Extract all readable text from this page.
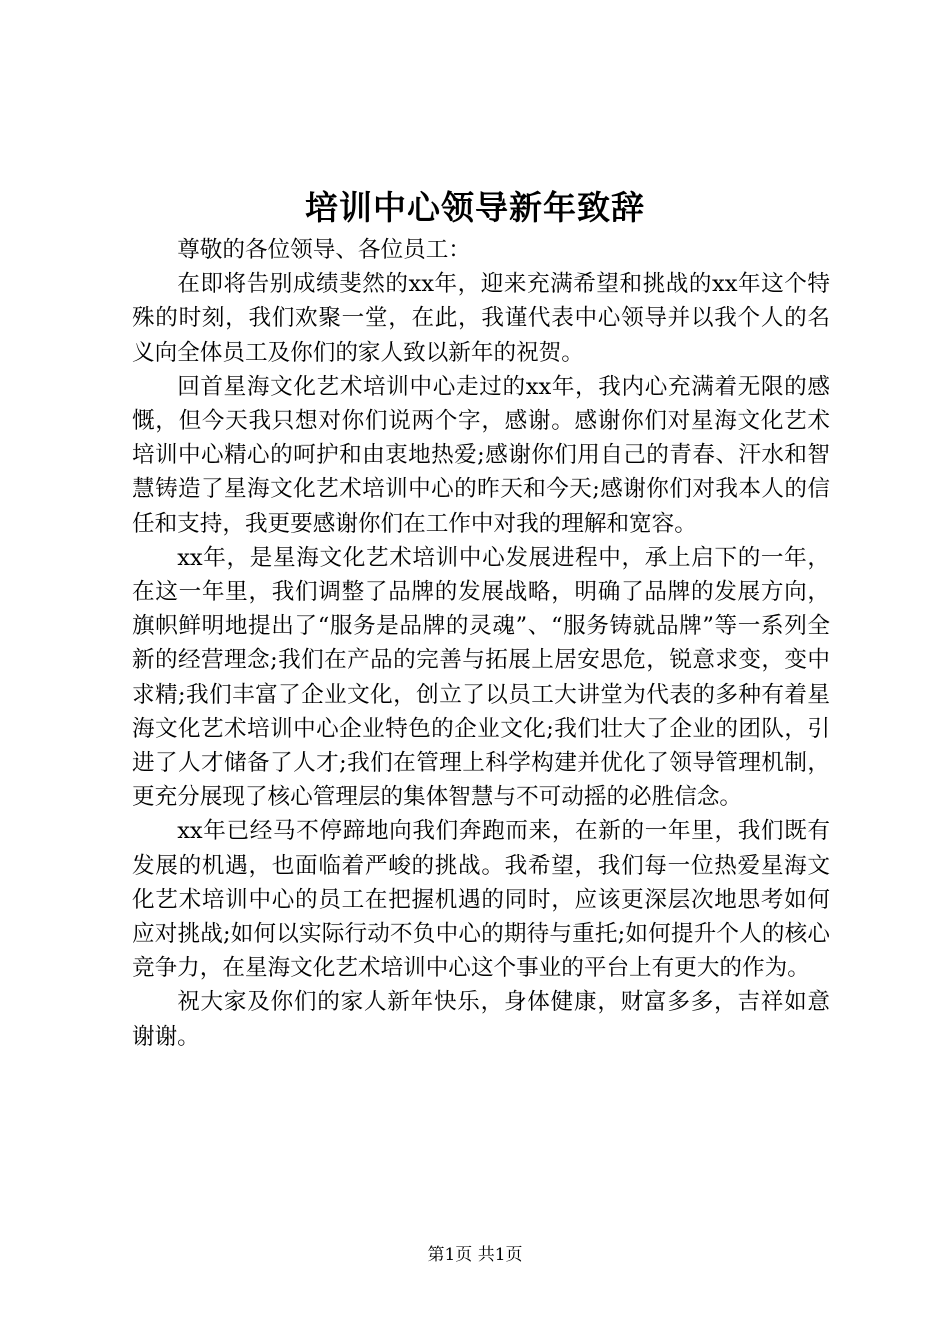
培训中心领导新年致辞

尊敬的各位领导、各位员工：

在即将告别成绩斐然的xx年，迎来充满希望和挑战的xx年这个特殊的时刻，我们欢聚一堂，在此，我谨代表中心领导并以我个人的名义向全体员工及你们的家人致以新年的祝贺。

回首星海文化艺术培训中心走过的xx年，我内心充满着无限的感慨，但今天我只想对你们说两个字，感谢。感谢你们对星海文化艺术培训中心精心的呵护和由衷地热爱;感谢你们用自己的青春、汗水和智慧铸造了星海文化艺术培训中心的昨天和今天;感谢你们对我本人的信任和支持，我更要感谢你们在工作中对我的理解和宽容。

xx年，是星海文化艺术培训中心发展进程中，承上启下的一年，在这一年里，我们调整了品牌的发展战略，明确了品牌的发展方向，旗帜鲜明地提出了“服务是品牌的灵魂”、“服务铸就品牌”等一系列全新的经营理念;我们在产品的完善与拓展上居安思危，锐意求变，变中求精;我们丰富了企业文化，创立了以员工大讲堂为代表的多种有着星海文化艺术培训中心企业特色的企业文化;我们壮大了企业的团队，引进了人才储备了人才;我们在管理上科学构建并优化了领导管理机制，更充分展现了核心管理层的集体智慧与不可动摇的必胜信念。

xx年已经马不停蹄地向我们奔跑而来，在新的一年里，我们既有发展的机遇，也面临着严峻的挑战。我希望，我们每一位热爱星海文化艺术培训中心的员工在把握机遇的同时，应该更深层次地思考如何应对挑战;如何以实际行动不负中心的期待与重托;如何提升个人的核心竞争力，在星海文化艺术培训中心这个事业的平台上有更大的作为。

祝大家及你们的家人新年快乐，身体健康，财富多多，吉祥如意谢谢。

第1页 共1页
